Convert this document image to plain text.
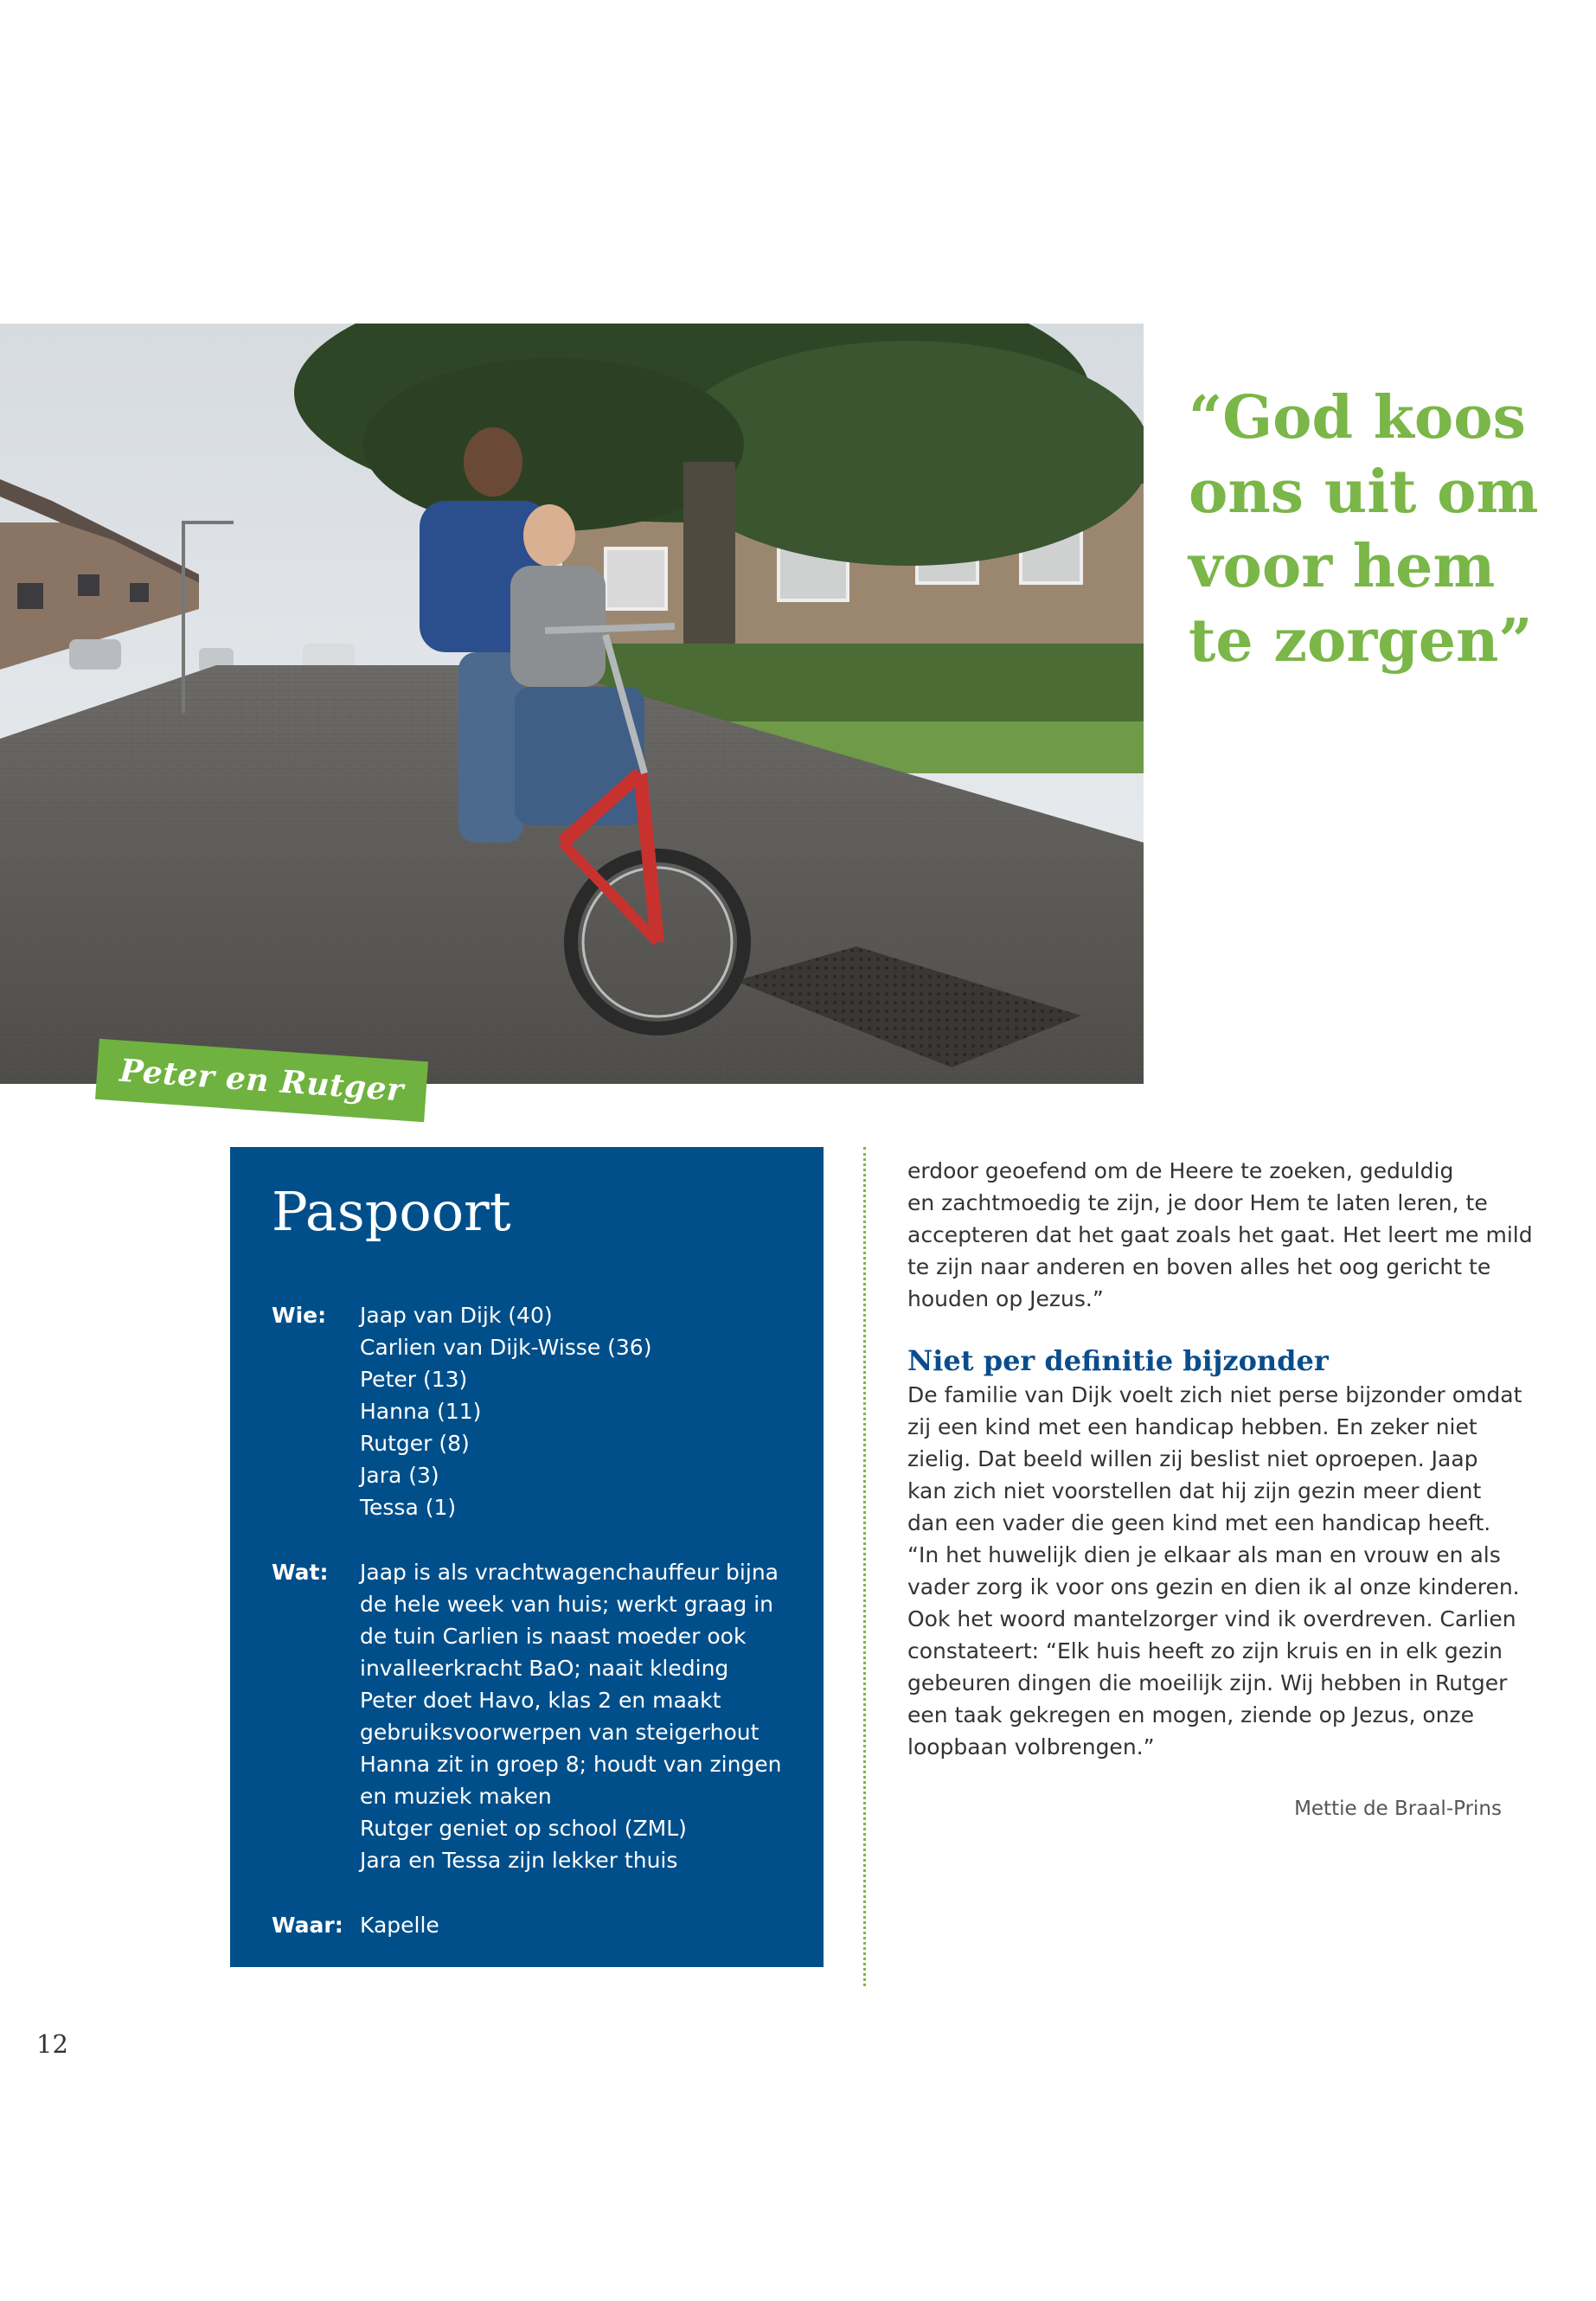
Peter en Rutger
“God koos
ons uit om
voor hem
te zorgen”
Paspoort
Wie:	Jaap van Dijk (40)
Carlien van Dijk-Wisse (36)
Peter (13)
Hanna (11)
Rutger (8)
Jara (3)
Tessa (1)
Wat:	Jaap is als vrachtwagenchauffeur bijna
de hele week van huis; werkt graag in
de tuin Carlien is naast moeder ook
invalleerkracht BaO; naait kleding
Peter doet Havo, klas 2 en maakt
gebruiksvoorwerpen van steigerhout
Hanna zit in groep 8; houdt van zingen
en muziek maken
Rutger geniet op school (ZML)
Jara en Tessa zijn lekker thuis
Waar: Kapelle
erdoor geoefend om de Heere te zoeken, geduldig
en zachtmoedig te zijn, je door Hem te laten leren, te
accepteren dat het gaat zoals het gaat. Het leert me mild
te zijn naar anderen en boven alles het oog gericht te
houden op Jezus.”
Niet per definitie bijzonder
De familie van Dijk voelt zich niet perse bijzonder omdat
zij een kind met een handicap hebben. En zeker niet
zielig. Dat beeld willen zij beslist niet oproepen. Jaap
kan zich niet voorstellen dat hij zijn gezin meer dient
dan een vader die geen kind met een handicap heeft.
“In het huwelijk dien je elkaar als man en vrouw en als
vader zorg ik voor ons gezin en dien ik al onze kinderen.
Ook het woord mantelzorger vind ik overdreven. Carlien
constateert: “Elk huis heeft zo zijn kruis en in elk gezin
gebeuren dingen die moeilijk zijn. Wij hebben in Rutger
een taak gekregen en mogen, ziende op Jezus, onze
loopbaan volbrengen.”
Mettie de Braal-Prins
12
